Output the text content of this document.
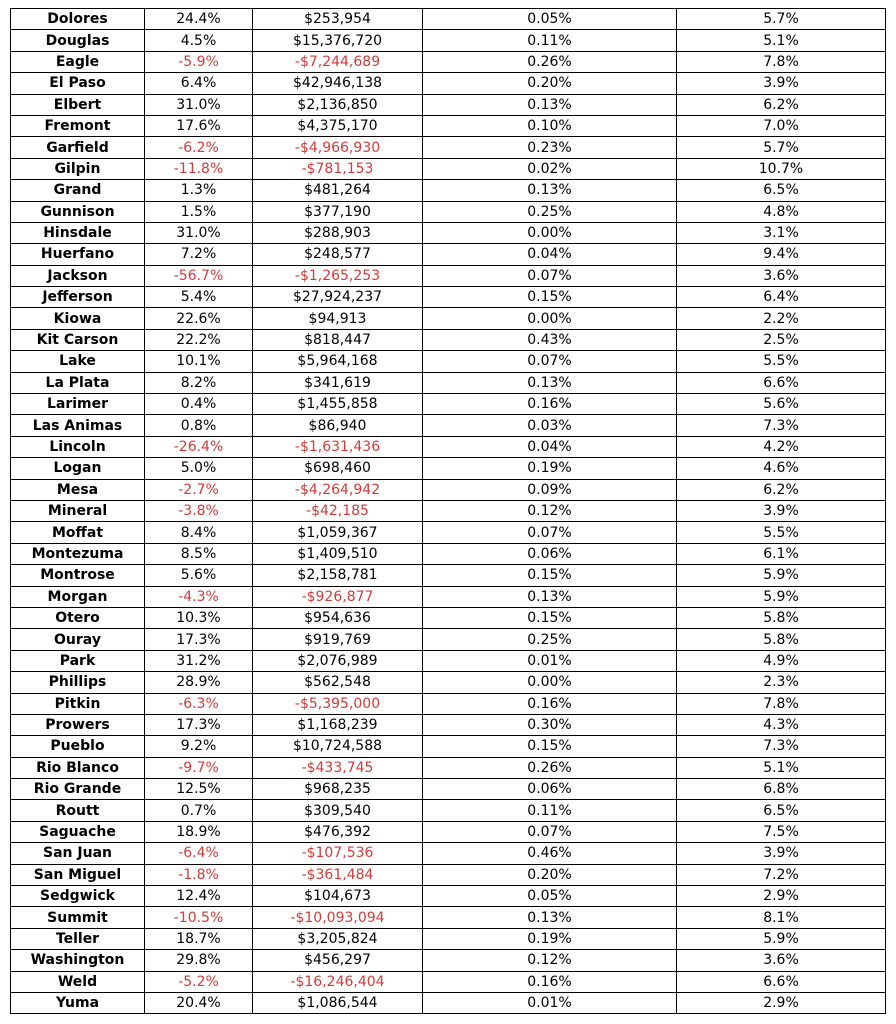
Dolores	24.4%	$253,954	0.05%	5.7%
Douglas	4.5%	$15,376,720	0.11%	5.1%
Eagle	-5.9%	-$7,244,689	0.26%	7.8%
El Paso	6.4%	$42,946,138	0.20%	3.9%
Elbert	31.0%	$2,136,850	0.13%	6.2%
Fremont	17.6%	$4,375,170	0.10%	7.0%
Garfield	-6.2%	-$4,966,930	0.23%	5.7%
Gilpin	-11.8%	-$781,153	0.02%	10.7%
Grand	1.3%	$481,264	0.13%	6.5%
Gunnison	1.5%	$377,190	0.25%	4.8%
Hinsdale	31.0%	$288,903	0.00%	3.1%
Huerfano	7.2%	$248,577	0.04%	9.4%
Jackson	-56.7%	-$1,265,253	0.07%	3.6%
Jefferson	5.4%	$27,924,237	0.15%	6.4%
Kiowa	22.6%	$94,913	0.00%	2.2%
Kit Carson	22.2%	$818,447	0.43%	2.5%
Lake	10.1%	$5,964,168	0.07%	5.5%
La Plata	8.2%	$341,619	0.13%	6.6%
Larimer	0.4%	$1,455,858	0.16%	5.6%
Las Animas	0.8%	$86,940	0.03%	7.3%
Lincoln	-26.4%	-$1,631,436	0.04%	4.2%
Logan	5.0%	$698,460	0.19%	4.6%
Mesa	-2.7%	-$4,264,942	0.09%	6.2%
Mineral	-3.8%	-$42,185	0.12%	3.9%
Moffat	8.4%	$1,059,367	0.07%	5.5%
Montezuma	8.5%	$1,409,510	0.06%	6.1%
Montrose	5.6%	$2,158,781	0.15%	5.9%
Morgan	-4.3%	-$926,877	0.13%	5.9%
Otero	10.3%	$954,636	0.15%	5.8%
Ouray	17.3%	$919,769	0.25%	5.8%
Park	31.2%	$2,076,989	0.01%	4.9%
Phillips	28.9%	$562,548	0.00%	2.3%
Pitkin	-6.3%	-$5,395,000	0.16%	7.8%
Prowers	17.3%	$1,168,239	0.30%	4.3%
Pueblo	9.2%	$10,724,588	0.15%	7.3%
Rio Blanco	-9.7%	-$433,745	0.26%	5.1%
Rio Grande	12.5%	$968,235	0.06%	6.8%
Routt	0.7%	$309,540	0.11%	6.5%
Saguache	18.9%	$476,392	0.07%	7.5%
San Juan	-6.4%	-$107,536	0.46%	3.9%
San Miguel	-1.8%	-$361,484	0.20%	7.2%
Sedgwick	12.4%	$104,673	0.05%	2.9%
Summit	-10.5%	-$10,093,094	0.13%	8.1%
Teller	18.7%	$3,205,824	0.19%	5.9%
Washington	29.8%	$456,297	0.12%	3.6%
Weld	-5.2%	-$16,246,404	0.16%	6.6%
Yuma	20.4%	$1,086,544	0.01%	2.9%
